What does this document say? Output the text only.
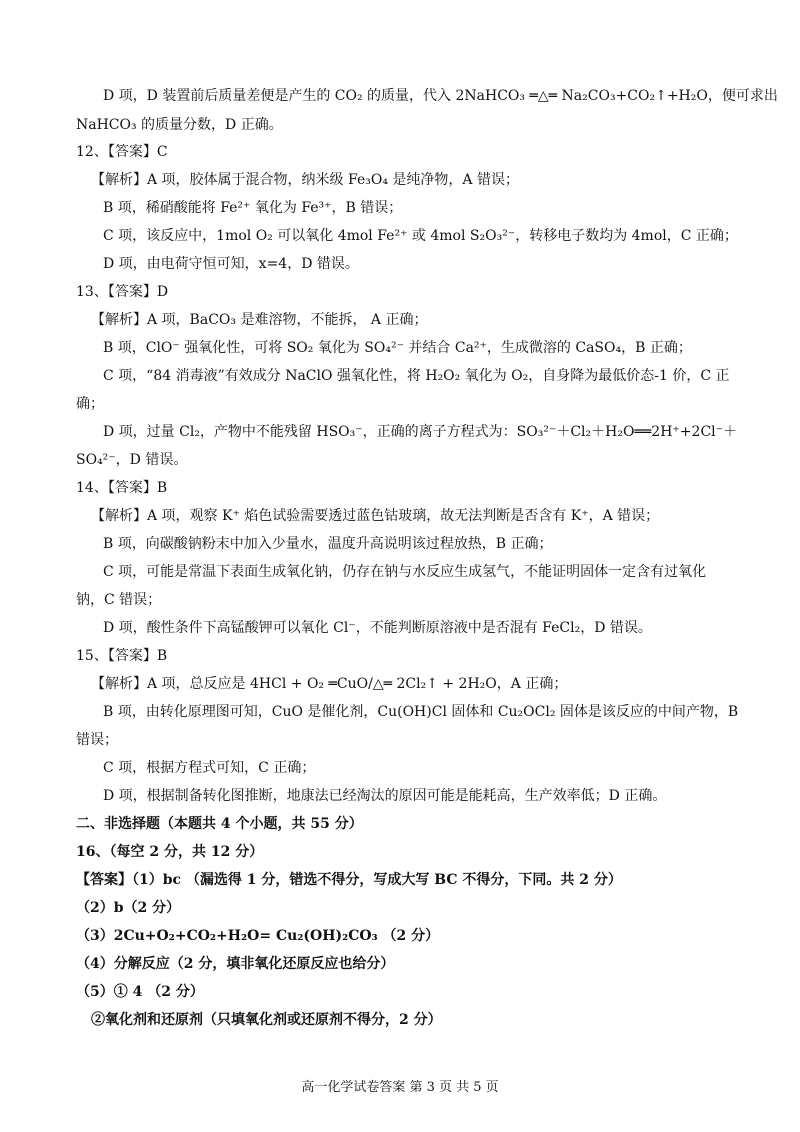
D 项，D 装置前后质量差便是产生的 CO₂ 的质量，代入 2NaHCO₃ ═△═ Na₂CO₃+CO₂↑+H₂O，便可求出
NaHCO₃ 的质量分数，D 正确。
12、【答案】C
【解析】A 项，胶体属于混合物，纳米级 Fe₃O₄ 是纯净物，A 错误；
B 项，稀硝酸能将 Fe²⁺ 氧化为 Fe³⁺，B 错误；
C 项，该反应中，1mol O₂ 可以氧化 4mol Fe²⁺ 或 4mol S₂O₃²⁻，转移电子数均为 4mol，C 正确；
D 项，由电荷守恒可知，x=4，D 错误。
13、【答案】D
【解析】A 项，BaCO₃ 是难溶物，不能拆， A 正确；
B 项，ClO⁻ 强氧化性，可将 SO₂ 氧化为 SO₄²⁻ 并结合 Ca²⁺，生成微溶的 CaSO₄，B 正确；
C 项，“84 消毒液”有效成分 NaClO 强氧化性，将 H₂O₂ 氧化为 O₂，自身降为最低价态-1 价，C 正
确；
D 项，过量 Cl₂，产物中不能残留 HSO₃⁻，正确的离子方程式为：SO₃²⁻＋Cl₂＋H₂O══2H⁺+2Cl⁻＋
SO₄²⁻，D 错误。
14、【答案】B
【解析】A 项，观察 K⁺ 焰色试验需要透过蓝色钴玻璃，故无法判断是否含有 K⁺，A 错误；
B 项，向碳酸钠粉末中加入少量水，温度升高说明该过程放热，B 正确；
C 项，可能是常温下表面生成氧化钠，仍存在钠与水反应生成氢气，不能证明固体一定含有过氧化
钠，C 错误；
D 项，酸性条件下高锰酸钾可以氧化 Cl⁻，不能判断原溶液中是否混有 FeCl₂，D 错误。
15、【答案】B
【解析】A 项，总反应是 4HCl + O₂ ═CuO/△═ 2Cl₂↑ + 2H₂O，A 正确；
B 项，由转化原理图可知，CuO 是催化剂，Cu(OH)Cl 固体和 Cu₂OCl₂ 固体是该反应的中间产物，B
错误；
C 项，根据方程式可知，C 正确；
D 项，根据制备转化图推断，地康法已经淘汰的原因可能是能耗高，生产效率低；D 正确。
二、非选择题（本题共 4 个小题，共 55 分）
16、（每空 2 分，共 12 分）
【答案】（1）bc （漏选得 1 分，错选不得分，写成大写 BC 不得分，下同。共 2 分）
（2）b（2 分）
（3）2Cu+O₂+CO₂+H₂O= Cu₂(OH)₂CO₃ （2 分）
（4）分解反应（2 分，填非氧化还原反应也给分）
（5）① 4 （2 分）
②氧化剂和还原剂（只填氧化剂或还原剂不得分，2 分）
高一化学试卷答案 第 3 页 共 5 页
